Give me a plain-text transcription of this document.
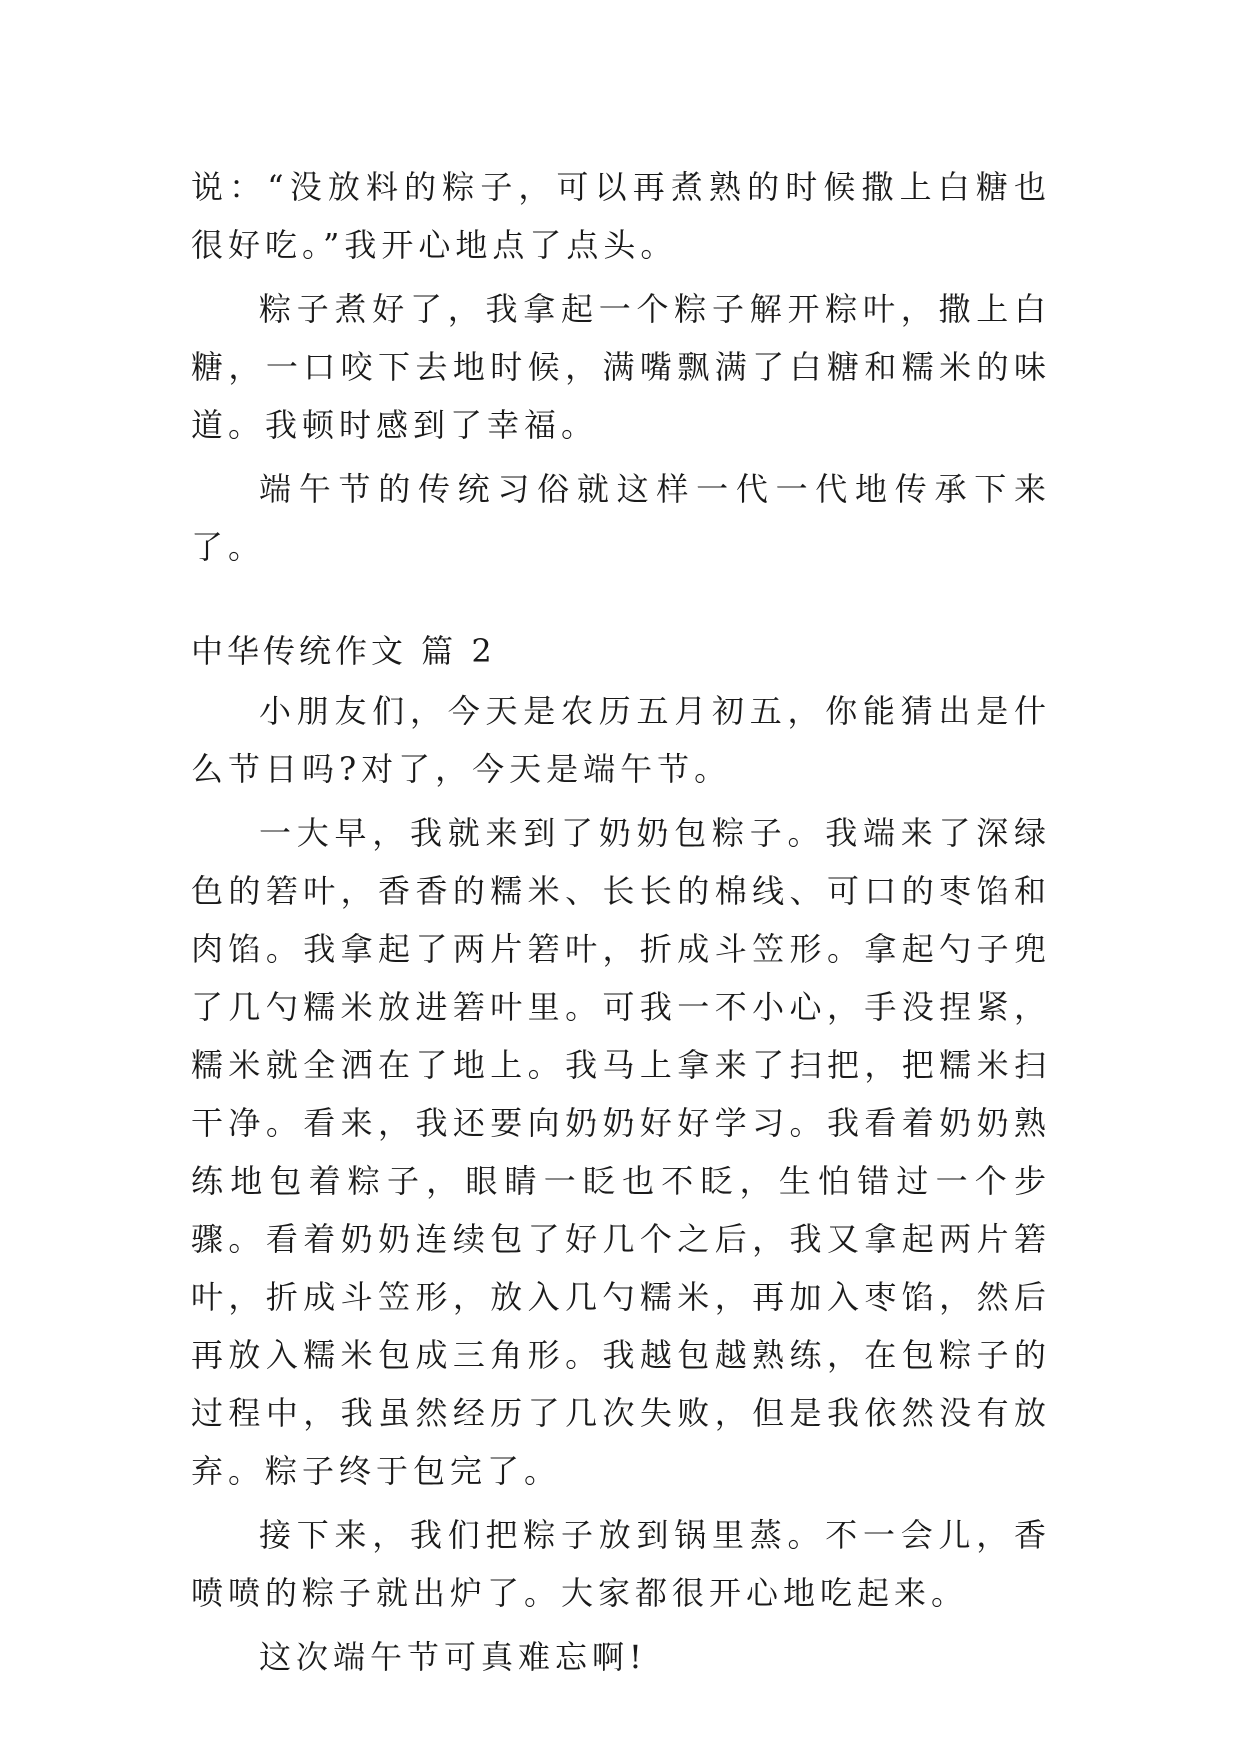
说：“没放料的粽子，可以再煮熟的时候撒上白糖也很好吃。”我开心地点了点头。

粽子煮好了，我拿起一个粽子解开粽叶，撒上白糖，一口咬下去地时候，满嘴飘满了白糖和糯米的味道。我顿时感到了幸福。

端午节的传统习俗就这样一代一代地传承下来了。

中华传统作文 篇 2

小朋友们，今天是农历五月初五，你能猜出是什么节日吗?对了，今天是端午节。

一大早，我就来到了奶奶包粽子。我端来了深绿色的箬叶，香香的糯米、长长的棉线、可口的枣馅和肉馅。我拿起了两片箬叶，折成斗笠形。拿起勺子兜了几勺糯米放进箬叶里。可我一不小心，手没捏紧，糯米就全洒在了地上。我马上拿来了扫把，把糯米扫干净。看来，我还要向奶奶好好学习。我看着奶奶熟练地包着粽子，眼睛一眨也不眨，生怕错过一个步骤。看着奶奶连续包了好几个之后，我又拿起两片箬叶，折成斗笠形，放入几勺糯米，再加入枣馅，然后再放入糯米包成三角形。我越包越熟练，在包粽子的过程中，我虽然经历了几次失败，但是我依然没有放弃。粽子终于包完了。

接下来，我们把粽子放到锅里蒸。不一会儿，香喷喷的粽子就出炉了。大家都很开心地吃起来。

这次端午节可真难忘啊!
